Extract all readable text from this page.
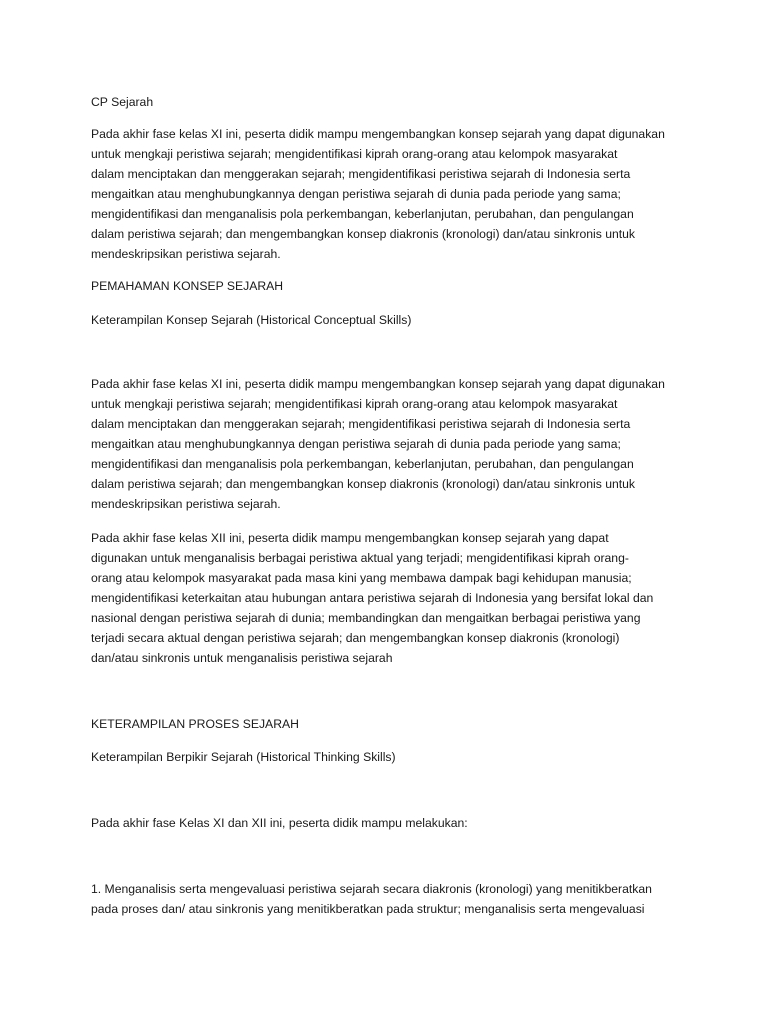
CP Sejarah

Pada akhir fase kelas XI ini, peserta didik mampu mengembangkan konsep sejarah yang dapat digunakan
untuk mengkaji peristiwa sejarah; mengidentifikasi kiprah orang-orang atau kelompok masyarakat
dalam menciptakan dan menggerakan sejarah; mengidentifikasi peristiwa sejarah di Indonesia serta
mengaitkan atau menghubungkannya dengan peristiwa sejarah di dunia pada periode yang sama;
mengidentifikasi dan menganalisis pola perkembangan, keberlanjutan, perubahan, dan pengulangan
dalam peristiwa sejarah; dan mengembangkan konsep diakronis (kronologi) dan/atau sinkronis untuk
mendeskripsikan peristiwa sejarah.

PEMAHAMAN KONSEP SEJARAH

Keterampilan Konsep Sejarah (Historical Conceptual Skills)

Pada akhir fase kelas XI ini, peserta didik mampu mengembangkan konsep sejarah yang dapat digunakan
untuk mengkaji peristiwa sejarah; mengidentifikasi kiprah orang-orang atau kelompok masyarakat
dalam menciptakan dan menggerakan sejarah; mengidentifikasi peristiwa sejarah di Indonesia serta
mengaitkan atau menghubungkannya dengan peristiwa sejarah di dunia pada periode yang sama;
mengidentifikasi dan menganalisis pola perkembangan, keberlanjutan, perubahan, dan pengulangan
dalam peristiwa sejarah; dan mengembangkan konsep diakronis (kronologi) dan/atau sinkronis untuk
mendeskripsikan peristiwa sejarah.

Pada akhir fase kelas XII ini, peserta didik mampu mengembangkan konsep sejarah yang dapat
digunakan untuk menganalisis berbagai peristiwa aktual yang terjadi; mengidentifikasi kiprah orang-
orang atau kelompok masyarakat pada masa kini yang membawa dampak bagi kehidupan manusia;
mengidentifikasi keterkaitan atau hubungan antara peristiwa sejarah di Indonesia yang bersifat lokal dan
nasional dengan peristiwa sejarah di dunia; membandingkan dan mengaitkan berbagai peristiwa yang
terjadi secara aktual dengan peristiwa sejarah; dan mengembangkan konsep diakronis (kronologi)
dan/atau sinkronis untuk menganalisis peristiwa sejarah

KETERAMPILAN PROSES SEJARAH

Keterampilan Berpikir Sejarah (Historical Thinking Skills)

Pada akhir fase Kelas XI dan XII ini, peserta didik mampu melakukan:

1. Menganalisis serta mengevaluasi peristiwa sejarah secara diakronis (kronologi) yang menitikberatkan
pada proses dan/ atau sinkronis yang menitikberatkan pada struktur; menganalisis serta mengevaluasi
